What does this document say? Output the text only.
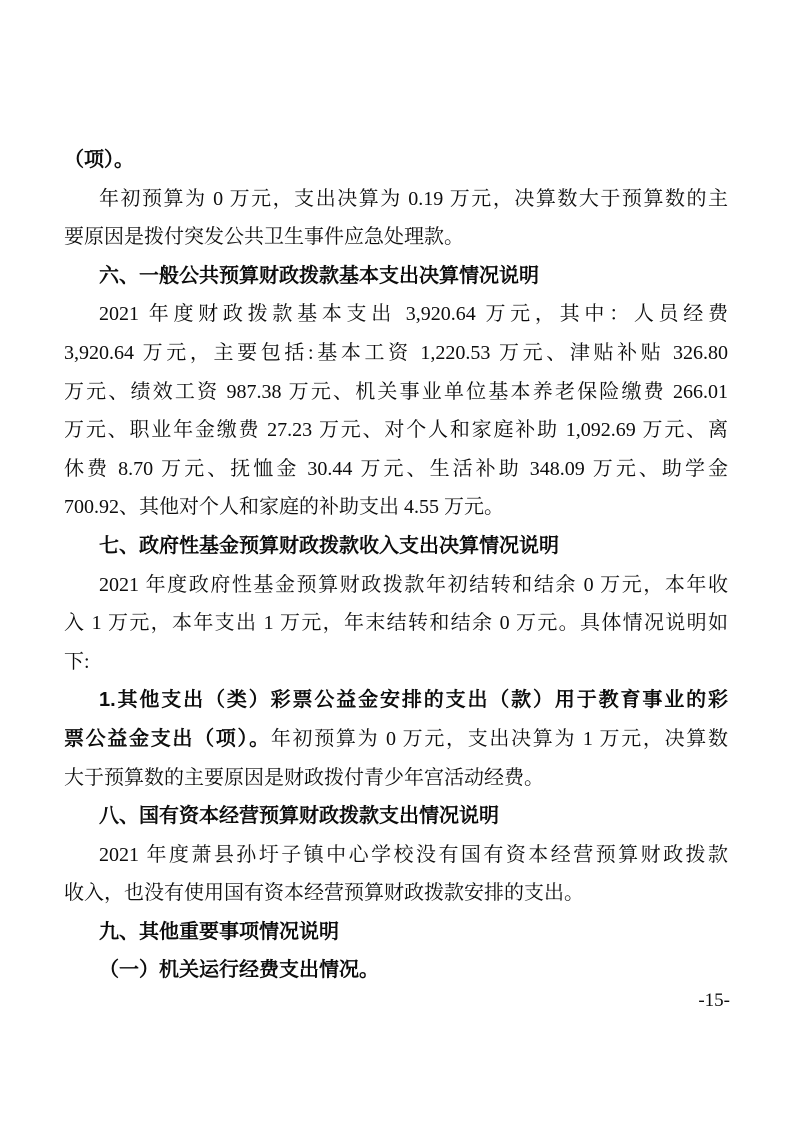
（项）。
年初预算为 0 万元，支出决算为 0.19 万元，决算数大于预算数的主
要原因是拨付突发公共卫生事件应急处理款。
六、一般公共预算财政拨款基本支出决算情况说明
2021 年度财政拨款基本支出 3,920.64 万元，其中：人员经费
3,920.64 万元，主要包括:基本工资 1,220.53 万元、津贴补贴 326.80
万元、绩效工资 987.38 万元、机关事业单位基本养老保险缴费 266.01
万元、职业年金缴费 27.23 万元、对个人和家庭补助 1,092.69 万元、离
休费 8.70 万元、抚恤金 30.44 万元、生活补助 348.09 万元、助学金
700.92、其他对个人和家庭的补助支出 4.55 万元。
七、政府性基金预算财政拨款收入支出决算情况说明
2021 年度政府性基金预算财政拨款年初结转和结余 0 万元，本年收
入 1 万元，本年支出 1 万元，年末结转和结余 0 万元。具体情况说明如
下:
1.其他支出（类）彩票公益金安排的支出（款）用于教育事业的彩
票公益金支出（项）。年初预算为 0 万元，支出决算为 1 万元，决算数
大于预算数的主要原因是财政拨付青少年宫活动经费。
八、国有资本经营预算财政拨款支出情况说明
2021 年度萧县孙圩子镇中心学校没有国有资本经营预算财政拨款
收入，也没有使用国有资本经营预算财政拨款安排的支出。
九、其他重要事项情况说明
（一）机关运行经费支出情况。
-15-
